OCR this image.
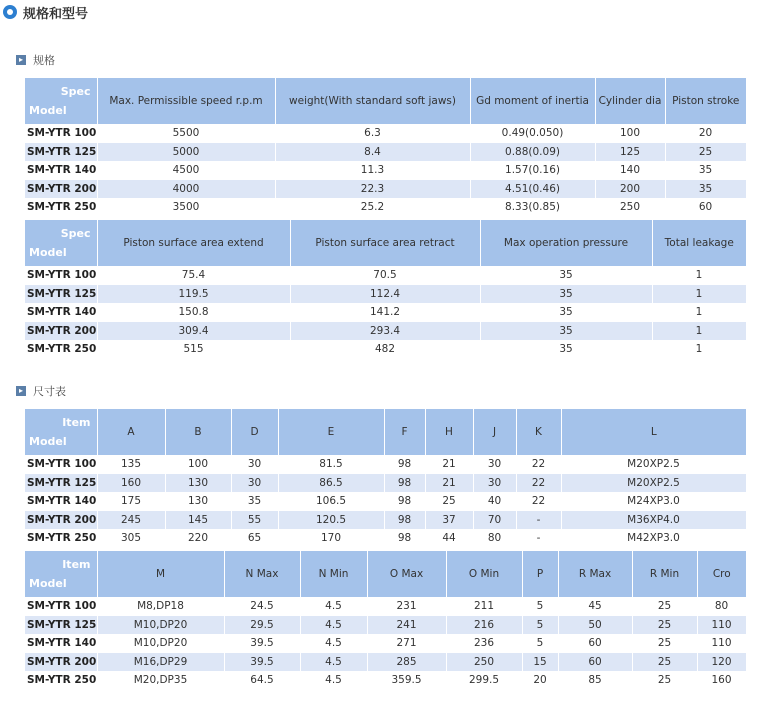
规格和型号
▸ 规格
Spec
Model	Max. Permissible speed r.p.m	weight(With standard soft jaws)	Gd moment of inertia	Cylinder dia	Piston stroke
SM-YTR 100	5500	6.3	0.49(0.050)	100	20
SM-YTR 125	5000	8.4	0.88(0.09)	125	25
SM-YTR 140	4500	11.3	1.57(0.16)	140	35
SM-YTR 200	4000	22.3	4.51(0.46)	200	35
SM-YTR 250	3500	25.2	8.33(0.85)	250	60
Spec
Model	Piston surface area extend	Piston surface area retract	Max operation pressure	Total leakage
SM-YTR 100	75.4	70.5	35	1
SM-YTR 125	119.5	112.4	35	1
SM-YTR 140	150.8	141.2	35	1
SM-YTR 200	309.4	293.4	35	1
SM-YTR 250	515	482	35	1
▸ 尺寸表
Item
Model	A	B	D	E	F	H	J	K	L
SM-YTR 100	135	100	30	81.5	98	21	30	22	M20XP2.5
SM-YTR 125	160	130	30	86.5	98	21	30	22	M20XP2.5
SM-YTR 140	175	130	35	106.5	98	25	40	22	M24XP3.0
SM-YTR 200	245	145	55	120.5	98	37	70	-	M36XP4.0
SM-YTR 250	305	220	65	170	98	44	80	-	M42XP3.0
Item
Model	M	N Max	N Min	O Max	O Min	P	R Max	R Min	Cro
SM-YTR 100	M8,DP18	24.5	4.5	231	211	5	45	25	80
SM-YTR 125	M10,DP20	29.5	4.5	241	216	5	50	25	110
SM-YTR 140	M10,DP20	39.5	4.5	271	236	5	60	25	110
SM-YTR 200	M16,DP29	39.5	4.5	285	250	15	60	25	120
SM-YTR 250	M20,DP35	64.5	4.5	359.5	299.5	20	85	25	160
